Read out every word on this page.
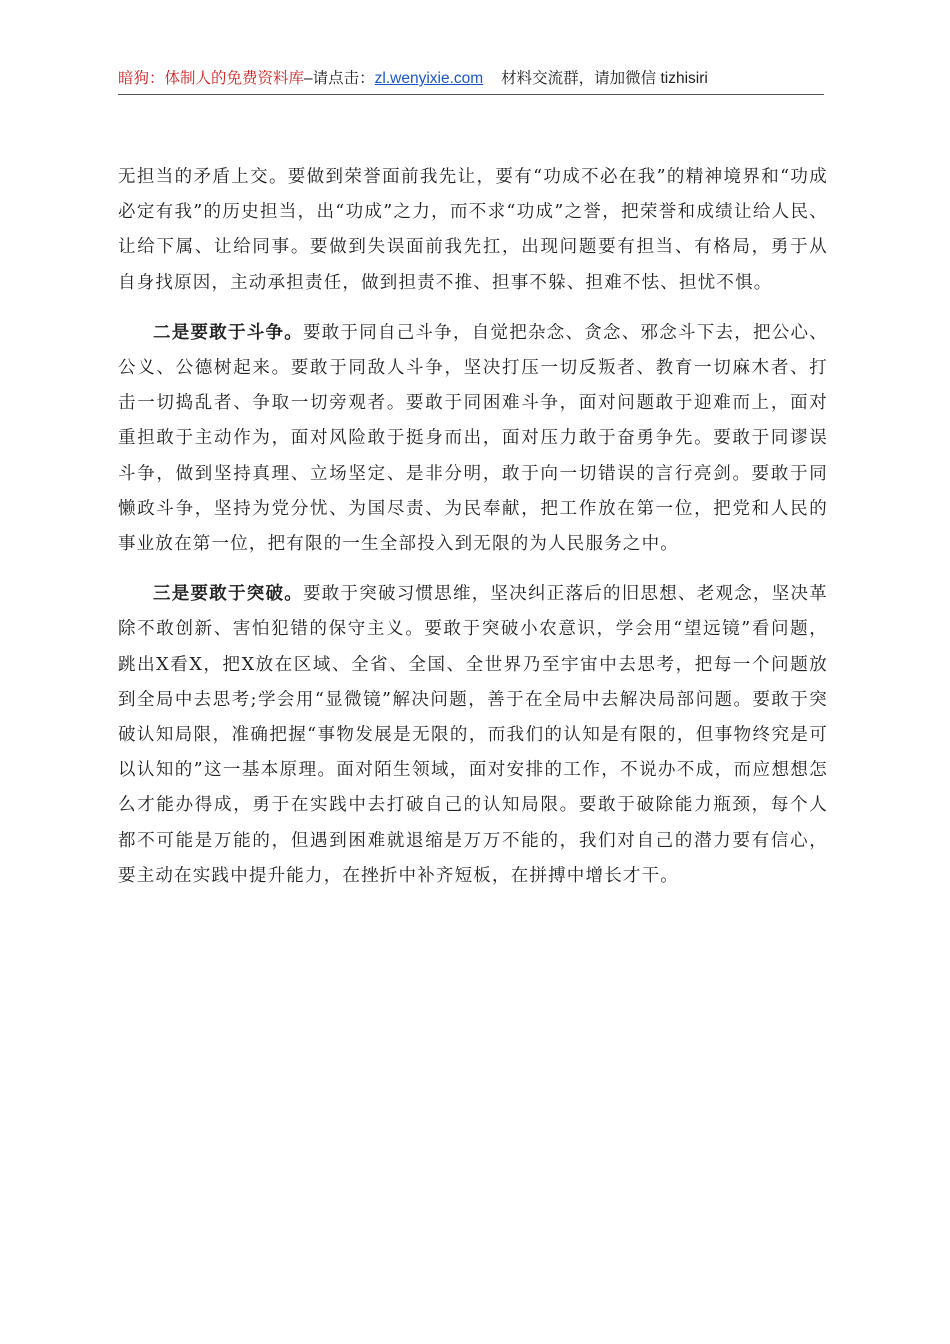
暗狗：体制人的免费资料库–请点击：zl.wenyixie.com 材料交流群，请加微信 tizhisiri

无担当的矛盾上交。要做到荣誉面前我先让，要有“功成不必在我”的精神境界和“功成必定有我”的历史担当，出“功成”之力，而不求“功成”之誉，把荣誉和成绩让给人民、让给下属、让给同事。要做到失误面前我先扛，出现问题要有担当、有格局，勇于从自身找原因，主动承担责任，做到担责不推、担事不躲、担难不怯、担忧不惧。

二是要敢于斗争。要敢于同自己斗争，自觉把杂念、贪念、邪念斗下去，把公心、公义、公德树起来。要敢于同敌人斗争，坚决打压一切反叛者、教育一切麻木者、打击一切捣乱者、争取一切旁观者。要敢于同困难斗争，面对问题敢于迎难而上，面对重担敢于主动作为，面对风险敢于挺身而出，面对压力敢于奋勇争先。要敢于同谬误斗争，做到坚持真理、立场坚定、是非分明，敢于向一切错误的言行亮剑。要敢于同懒政斗争，坚持为党分忧、为国尽责、为民奉献，把工作放在第一位，把党和人民的事业放在第一位，把有限的一生全部投入到无限的为人民服务之中。

三是要敢于突破。要敢于突破习惯思维，坚决纠正落后的旧思想、老观念，坚决革除不敢创新、害怕犯错的保守主义。要敢于突破小农意识，学会用“望远镜”看问题，跳出X看X，把X放在区域、全省、全国、全世界乃至宇宙中去思考，把每一个问题放到全局中去思考;学会用“显微镜”解决问题，善于在全局中去解决局部问题。要敢于突破认知局限，准确把握“事物发展是无限的，而我们的认知是有限的，但事物终究是可以认知的”这一基本原理。面对陌生领域，面对安排的工作，不说办不成，而应想想怎么才能办得成，勇于在实践中去打破自己的认知局限。要敢于破除能力瓶颈，每个人都不可能是万能的，但遇到困难就退缩是万万不能的，我们对自己的潜力要有信心，要主动在实践中提升能力，在挫折中补齐短板，在拼搏中增长才干。
